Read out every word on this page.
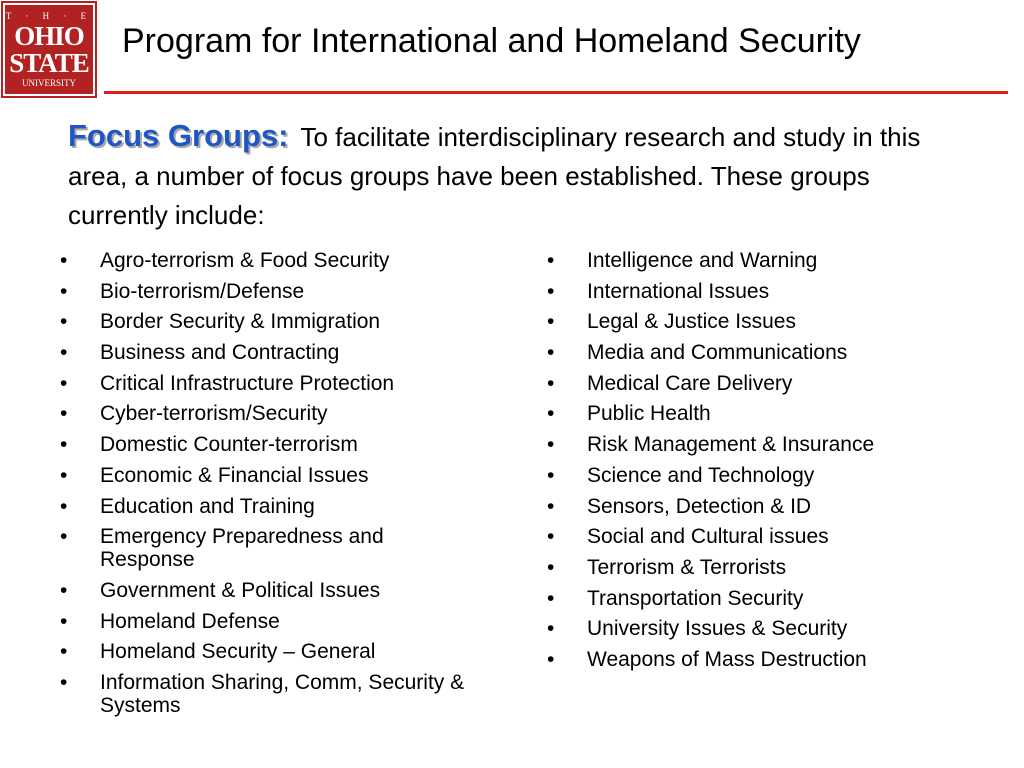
T · H · E
OHIO
STATE
UNIVERSITY
Program for International and Homeland Security
Focus Groups: To facilitate interdisciplinary research and study in this area, a number of focus groups have been established. These groups currently include:
• Agro-terrorism & Food Security
• Bio-terrorism/Defense
• Border Security & Immigration
• Business and Contracting
• Critical Infrastructure Protection
• Cyber-terrorism/Security
• Domestic Counter-terrorism
• Economic & Financial Issues
• Education and Training
• Emergency Preparedness and Response
• Government & Political Issues
• Homeland Defense
• Homeland Security – General
• Information Sharing, Comm, Security & Systems
• Intelligence and Warning
• International Issues
• Legal & Justice Issues
• Media and Communications
• Medical Care Delivery
• Public Health
• Risk Management & Insurance
• Science and Technology
• Sensors, Detection & ID
• Social and Cultural issues
• Terrorism & Terrorists
• Transportation Security
• University Issues & Security
• Weapons of Mass Destruction
